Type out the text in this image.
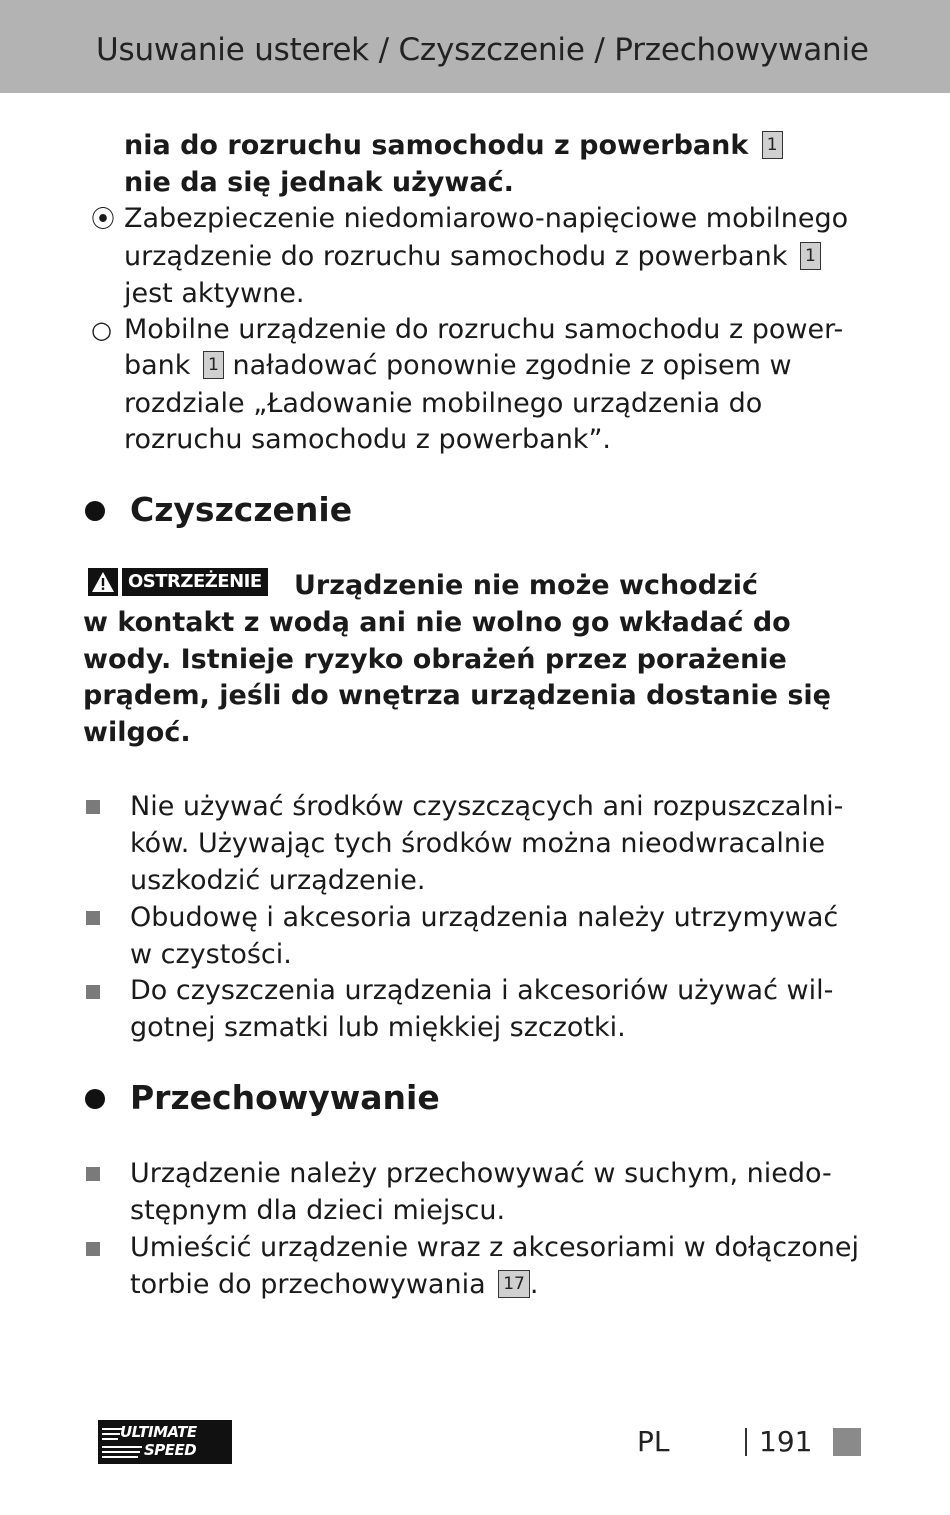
Usuwanie usterek / Czyszczenie / Przechowywanie
nia do rozruchu samochodu z powerbank 1
nie da się jednak używać.
⦿ Zabezpieczenie niedomiarowo-napięciowe mobilnego
urządzenie do rozruchu samochodu z powerbank 1
jest aktywne.
○ Mobilne urządzenie do rozruchu samochodu z power-
bank 1 naładować ponownie zgodnie z opisem w
rozdziale „Ładowanie mobilnego urządzenia do
rozruchu samochodu z powerbank”.
Czyszczenie
OSTRZEŻENIE Urządzenie nie może wchodzić
w kontakt z wodą ani nie wolno go wkładać do
wody. Istnieje ryzyko obrażeń przez porażenie
prądem, jeśli do wnętrza urządzenia dostanie się
wilgoć.
Nie używać środków czyszczących ani rozpuszczalni-
ków. Używając tych środków można nieodwracalnie
uszkodzić urządzenie.
Obudowę i akcesoria urządzenia należy utrzymywać
w czystości.
Do czyszczenia urządzenia i akcesoriów używać wil-
gotnej szmatki lub miękkiej szczotki.
Przechowywanie
Urządzenie należy przechowywać w suchym, niedo-
stępnym dla dzieci miejscu.
Umieścić urządzenie wraz z akcesoriami w dołączonej
torbie do przechowywania 17 .
ULTIMATE
SPEED	PL	191
